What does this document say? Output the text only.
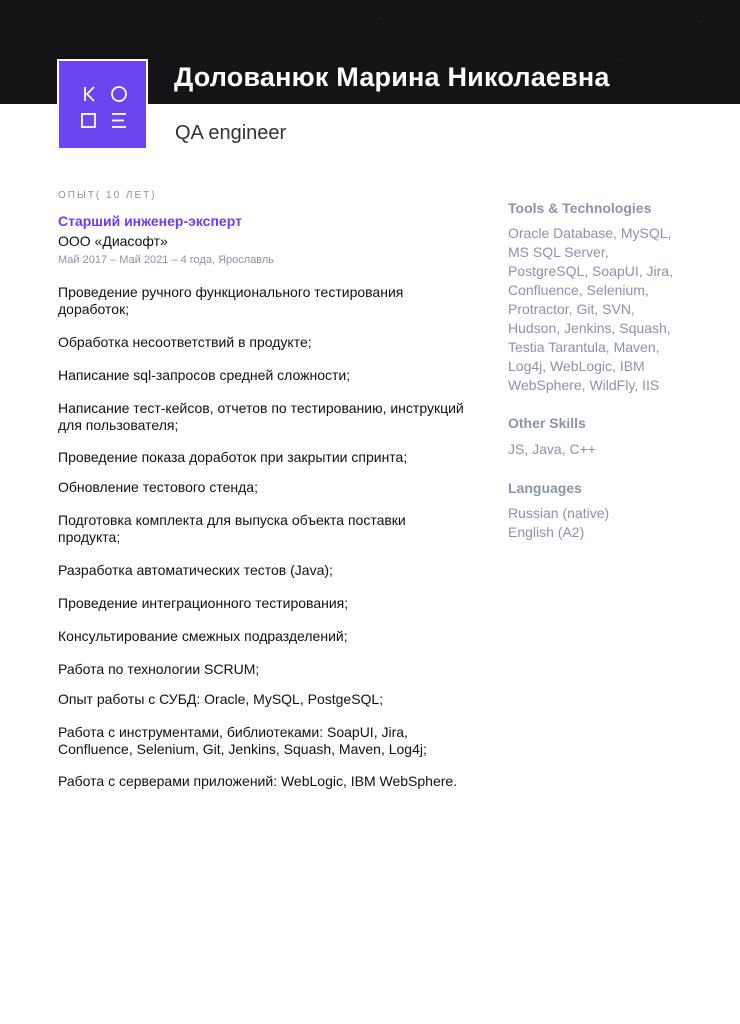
Долованюк Марина Николаевна
QA engineer
ОПЫТ( 10 ЛЕТ)
Старший инженер-эксперт
ООО «Диасофт»
Май 2017 – Май 2021 – 4 года, Ярославль

Проведение ручного функционального тестирования доработок;

Обработка несоответствий в продукте;

Написание sql-запросов средней сложности;

Написание тест-кейсов, отчетов по тестированию, инструкций для пользователя;

Проведение показа доработок при закрытии спринта;

Обновление тестового стенда;

Подготовка комплекта для выпуска объекта поставки продукта;

Разработка автоматических тестов (Java);

Проведение интеграционного тестирования;

Консультирование смежных подразделений;

Работа по технологии SCRUM;

Опыт работы с СУБД: Oracle, MySQL, PostgeSQL;

Работа с инструментами, библиотеками: SoapUI, Jira, Confluence, Selenium, Git, Jenkins, Squash, Maven, Log4j;

Работа с серверами приложений: WebLogic, IBM WebSphere.

Tools & Technologies

Oracle Database, MySQL, MS SQL Server, PostgreSQL, SoapUI, Jira, Confluence, Selenium, Protractor, Git, SVN, Hudson, Jenkins, Squash, Testia Tarantula, Maven, Log4j, WebLogic, IBM WebSphere, WildFly, IIS

Other Skills

JS, Java, C++

Languages

Russian (native)

English (A2)
